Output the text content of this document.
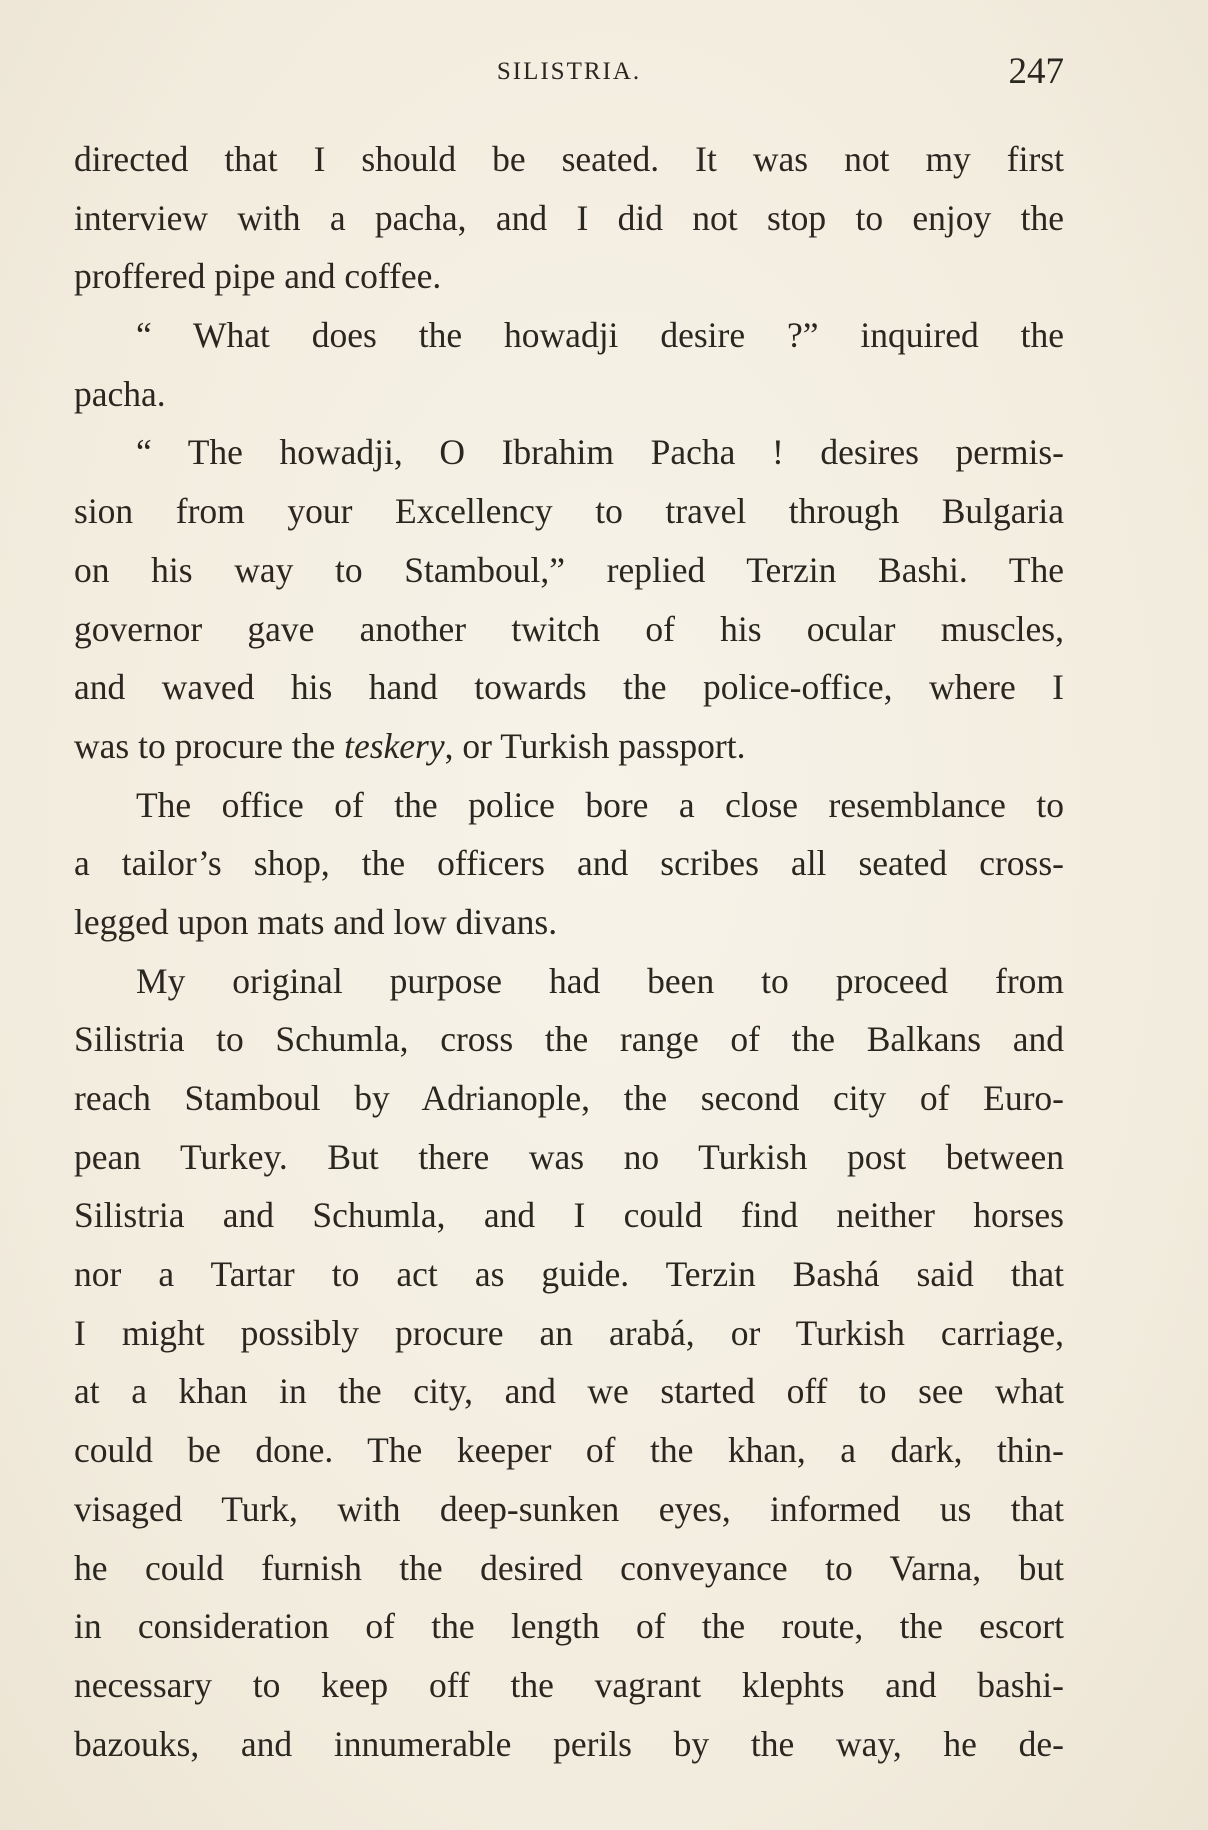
SILISTRIA.	247
directed that I should be seated. It was not my first
interview with a pacha, and I did not stop to enjoy the
proffered pipe and coffee.
“ What does the howadji desire ?” inquired the
pacha.
“ The howadji, O Ibrahim Pacha ! desires permis-
sion from your Excellency to travel through Bulgaria
on his way to Stamboul,” replied Terzin Bashi. The
governor gave another twitch of his ocular muscles,
and waved his hand towards the police-office, where I
was to procure the teskery, or Turkish passport.
The office of the police bore a close resemblance to
a tailor’s shop, the officers and scribes all seated cross-
legged upon mats and low divans.
My original purpose had been to proceed from
Silistria to Schumla, cross the range of the Balkans and
reach Stamboul by Adrianople, the second city of Euro-
pean Turkey. But there was no Turkish post between
Silistria and Schumla, and I could find neither horses
nor a Tartar to act as guide. Terzin Bashá said that
I might possibly procure an arabá, or Turkish carriage,
at a khan in the city, and we started off to see what
could be done. The keeper of the khan, a dark, thin-
visaged Turk, with deep-sunken eyes, informed us that
he could furnish the desired conveyance to Varna, but
in consideration of the length of the route, the escort
necessary to keep off the vagrant klephts and bashi-
bazouks, and innumerable perils by the way, he de-
